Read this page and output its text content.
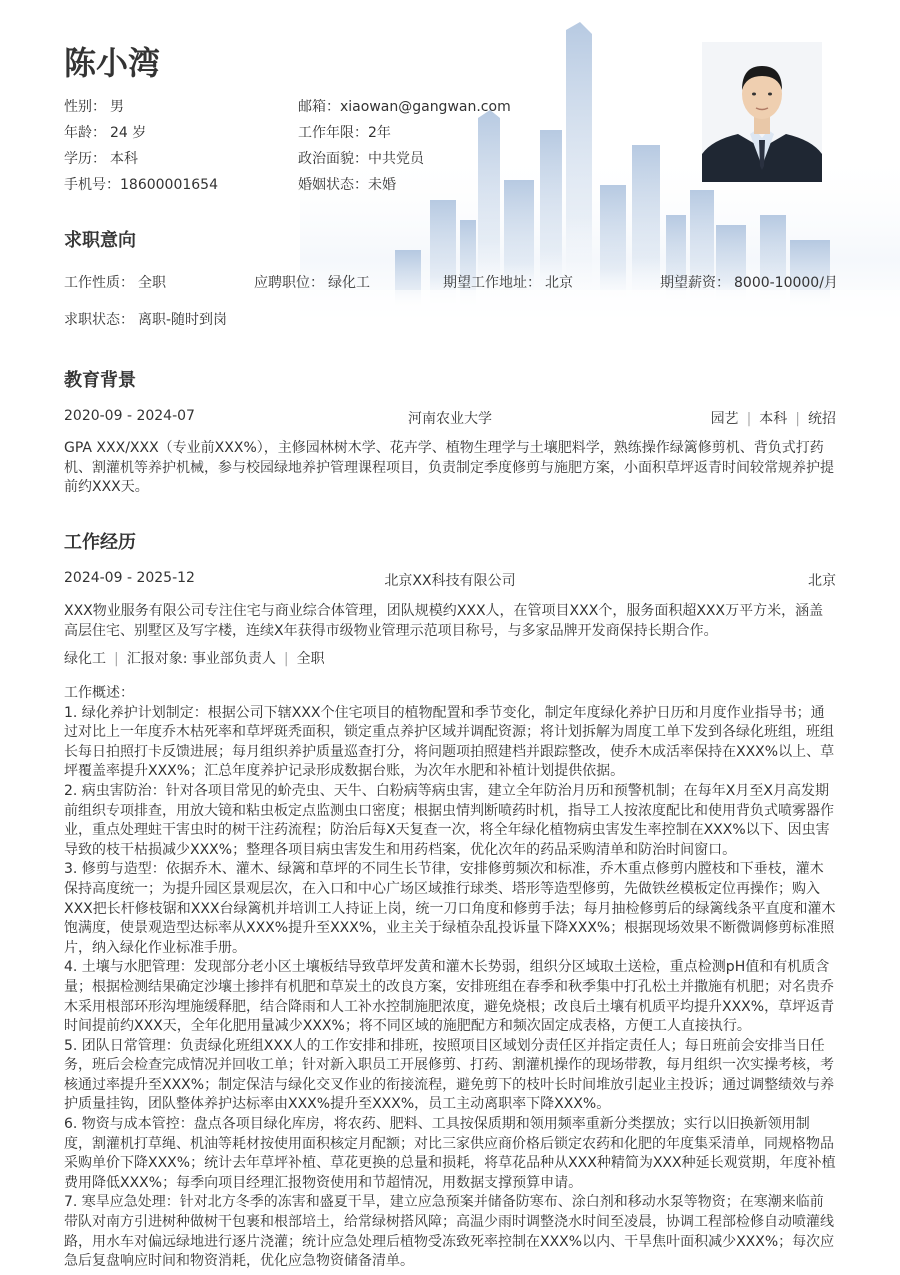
陈小湾
性别： 男
年龄： 24 岁
学历： 本科
手机号：18600001654
邮箱：xiaowan@gangwan.com
工作年限：2年
政治面貌：中共党员
婚姻状态：未婚
求职意向
工作性质： 全职	应聘职位： 绿化工	期望工作地址： 北京	期望薪资： 8000-10000/月
求职状态： 离职-随时到岗
教育背景
2020-09 - 2024-07	河南农业大学	园艺 | 本科 | 统招
GPA XXX/XXX（专业前XXX%），主修园林树木学、花卉学、植物生理学与土壤肥料学，熟练操作绿篱修剪机、背负式打药机、割灌机等养护机械，参与校园绿地养护管理课程项目，负责制定季度修剪与施肥方案，小面积草坪返青时间较常规养护提前约XXX天。
工作经历
2024-09 - 2025-12	北京XX科技有限公司	北京
XXX物业服务有限公司专注住宅与商业综合体管理，团队规模约XXX人，在管项目XXX个，服务面积超XXX万平方米，涵盖高层住宅、别墅区及写字楼，连续X年获得市级物业管理示范项目称号，与多家品牌开发商保持长期合作。
绿化工 | 汇报对象: 事业部负责人 | 全职
工作概述：
1. 绿化养护计划制定：根据公司下辖XXX个住宅项目的植物配置和季节变化，制定年度绿化养护日历和月度作业指导书；通过对比上一年度乔木枯死率和草坪斑秃面积，锁定重点养护区域并调配资源；将计划拆解为周度工单下发到各绿化班组，班组长每日拍照打卡反馈进展；每月组织养护质量巡查打分，将问题项拍照建档并跟踪整改，使乔木成活率保持在XXX%以上、草坪覆盖率提升XXX%；汇总年度养护记录形成数据台账，为次年水肥和补植计划提供依据。
2. 病虫害防治：针对各项目常见的蚧壳虫、天牛、白粉病等病虫害，建立全年防治月历和预警机制；在每年X月至X月高发期前组织专项排查，用放大镜和粘虫板定点监测虫口密度；根据虫情判断喷药时机，指导工人按浓度配比和使用背负式喷雾器作业，重点处理蛀干害虫时的树干注药流程；防治后每X天复查一次，将全年绿化植物病虫害发生率控制在XXX%以下、因虫害导致的枝干枯损减少XXX%；整理各项目病虫害发生和用药档案，优化次年的药品采购清单和防治时间窗口。
3. 修剪与造型：依据乔木、灌木、绿篱和草坪的不同生长节律，安排修剪频次和标准，乔木重点修剪内膛枝和下垂枝，灌木保持高度统一；为提升园区景观层次，在入口和中心广场区域推行球类、塔形等造型修剪，先做铁丝模板定位再操作；购入XXX把长杆修枝锯和XXX台绿篱机并培训工人持证上岗，统一刀口角度和修剪手法；每月抽检修剪后的绿篱线条平直度和灌木饱满度，使景观造型达标率从XXX%提升至XXX%，业主关于绿植杂乱投诉量下降XXX%；根据现场效果不断微调修剪标准照片，纳入绿化作业标准手册。
4. 土壤与水肥管理：发现部分老小区土壤板结导致草坪发黄和灌木长势弱，组织分区域取土送检，重点检测pH值和有机质含量；根据检测结果确定沙壤土掺拌有机肥和草炭土的改良方案，安排班组在春季和秋季集中打孔松土并撒施有机肥；对名贵乔木采用根部环形沟埋施缓释肥，结合降雨和人工补水控制施肥浓度，避免烧根；改良后土壤有机质平均提升XXX%，草坪返青时间提前约XXX天，全年化肥用量减少XXX%；将不同区域的施肥配方和频次固定成表格，方便工人直接执行。
5. 团队日常管理：负责绿化班组XXX人的工作安排和排班，按照项目区域划分责任区并指定责任人；每日班前会安排当日任务，班后会检查完成情况并回收工单；针对新入职员工开展修剪、打药、割灌机操作的现场带教，每月组织一次实操考核，考核通过率提升至XXX%；制定保洁与绿化交叉作业的衔接流程，避免剪下的枝叶长时间堆放引起业主投诉；通过调整绩效与养护质量挂钩，团队整体养护达标率由XXX%提升至XXX%，员工主动离职率下降XXX%。
6. 物资与成本管控：盘点各项目绿化库房，将农药、肥料、工具按保质期和领用频率重新分类摆放；实行以旧换新领用制度，割灌机打草绳、机油等耗材按使用面积核定月配额；对比三家供应商价格后锁定农药和化肥的年度集采清单，同规格物品采购单价下降XXX%；统计去年草坪补植、草花更换的总量和损耗，将草花品种从XXX种精简为XXX种延长观赏期，年度补植费用降低XXX%；每季向项目经理汇报物资使用和节超情况，用数据支撑预算申请。
7. 寒旱应急处理：针对北方冬季的冻害和盛夏干旱，建立应急预案并储备防寒布、涂白剂和移动水泵等物资；在寒潮来临前带队对南方引进树种做树干包裹和根部培土，给常绿树搭风障；高温少雨时调整浇水时间至凌晨，协调工程部检修自动喷灌线路，用水车对偏远绿地进行逐片浇灌；统计应急处理后植物受冻致死率控制在XXX%以内、干旱焦叶面积减少XXX%；每次应急后复盘响应时间和物资消耗，优化应急物资储备清单。
